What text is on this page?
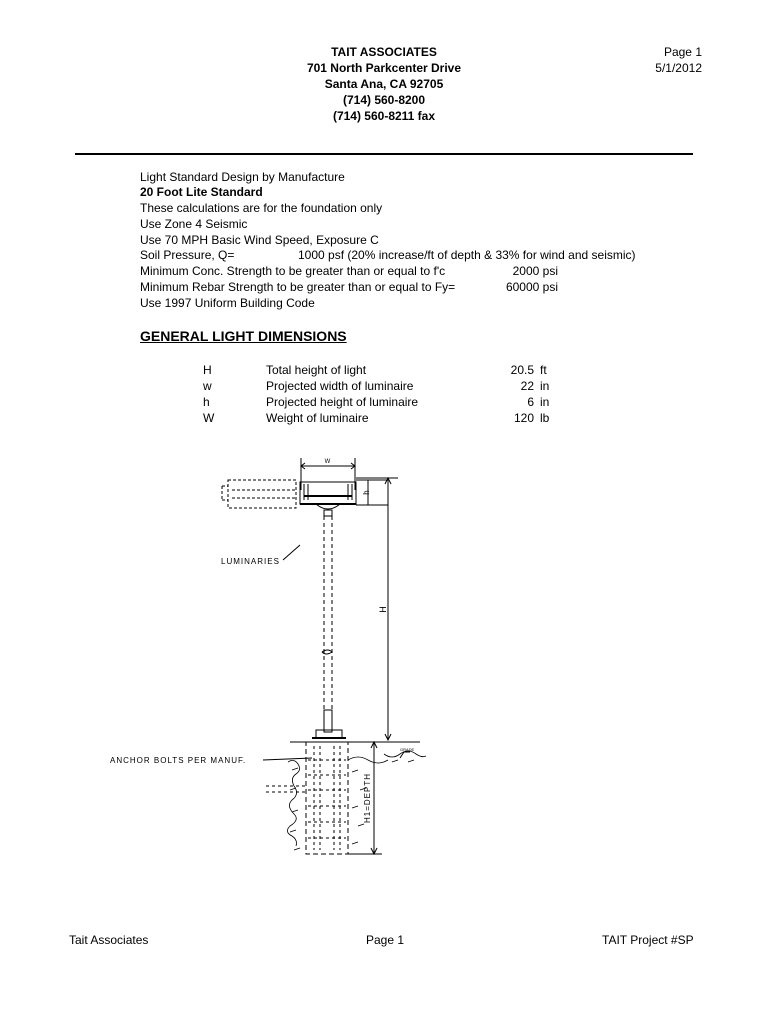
TAIT ASSOCIATES
701 North Parkcenter Drive
Santa Ana, CA 92705
(714) 560-8200
(714) 560-8211 fax
Page 1
5/1/2012
Light Standard Design by Manufacture
20 Foot Lite Standard
These calculations are for the foundation only
Use Zone 4 Seismic
Use 70 MPH Basic Wind Speed, Exposure C
Soil Pressure, Q=	1000 psf (20% increase/ft of depth & 33% for wind and seismic)
Minimum Conc. Strength to be greater than or equal to f'c	2000 psi
Minimum Rebar Strength to be greater than or equal to Fy=	60000 psi
Use 1997 Uniform Building Code
GENERAL LIGHT DIMENSIONS
H	Total height of light	20.5 ft
w	Projected width of luminaire	22 in
h	Projected height of luminaire	6 in
W	Weight of luminaire	120 lb
W
h
LUMINARIES
H
ANCHOR BOLTS PER MANUF.
H1=DEPTH
GRADE
Tait Associates	Page 1	TAIT Project #SP
